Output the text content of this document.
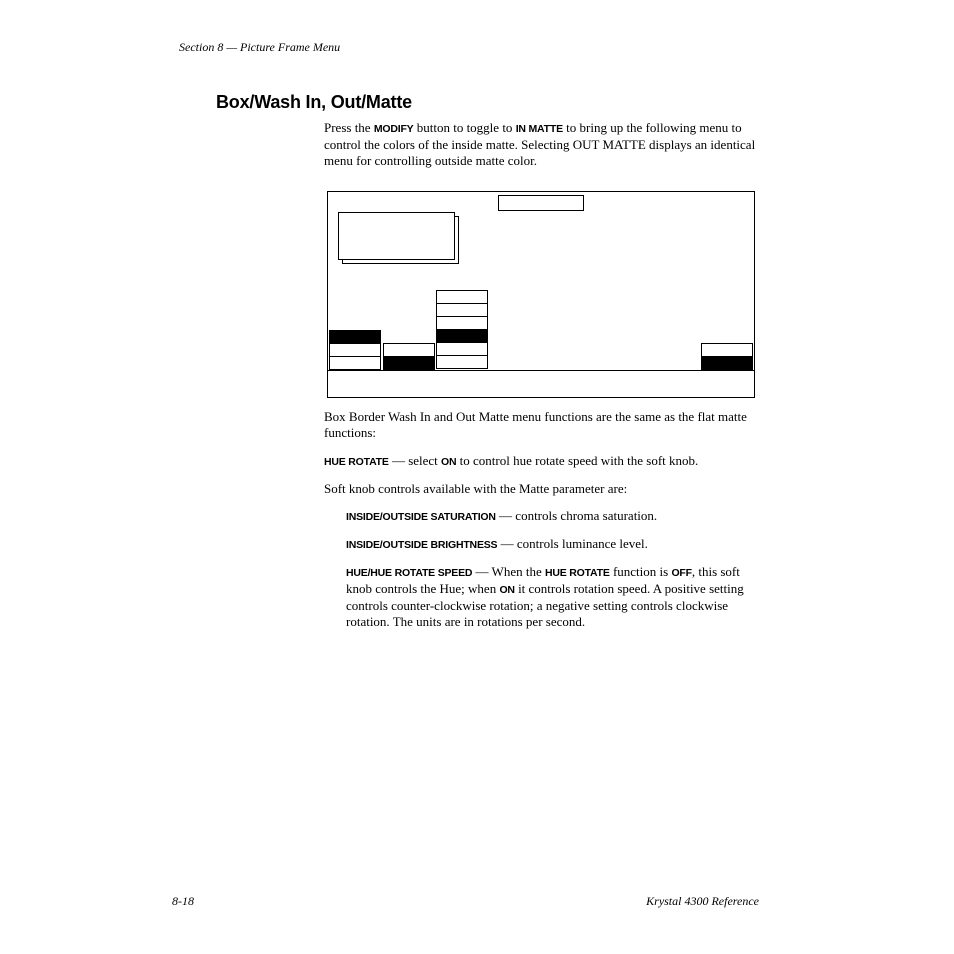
Section 8 — Picture Frame Menu
Box/Wash In, Out/Matte
Press the MODIFY button to toggle to IN MATTE to bring up the following menu to control the colors of the inside matte. Selecting OUT MATTE displays an identical menu for controlling outside matte color.
Box Border Wash In and Out Matte menu functions are the same as the flat matte functions:
HUE ROTATE — select ON to control hue rotate speed with the soft knob.
Soft knob controls available with the Matte parameter are:
INSIDE/OUTSIDE SATURATION — controls chroma saturation.
INSIDE/OUTSIDE BRIGHTNESS — controls luminance level.
HUE/HUE ROTATE SPEED — When the HUE ROTATE function is OFF, this soft knob controls the Hue; when ON it controls rotation speed. A positive setting controls counter-clockwise rotation; a negative setting controls clockwise rotation. The units are in rotations per second.
8-18	Krystal 4300 Reference
